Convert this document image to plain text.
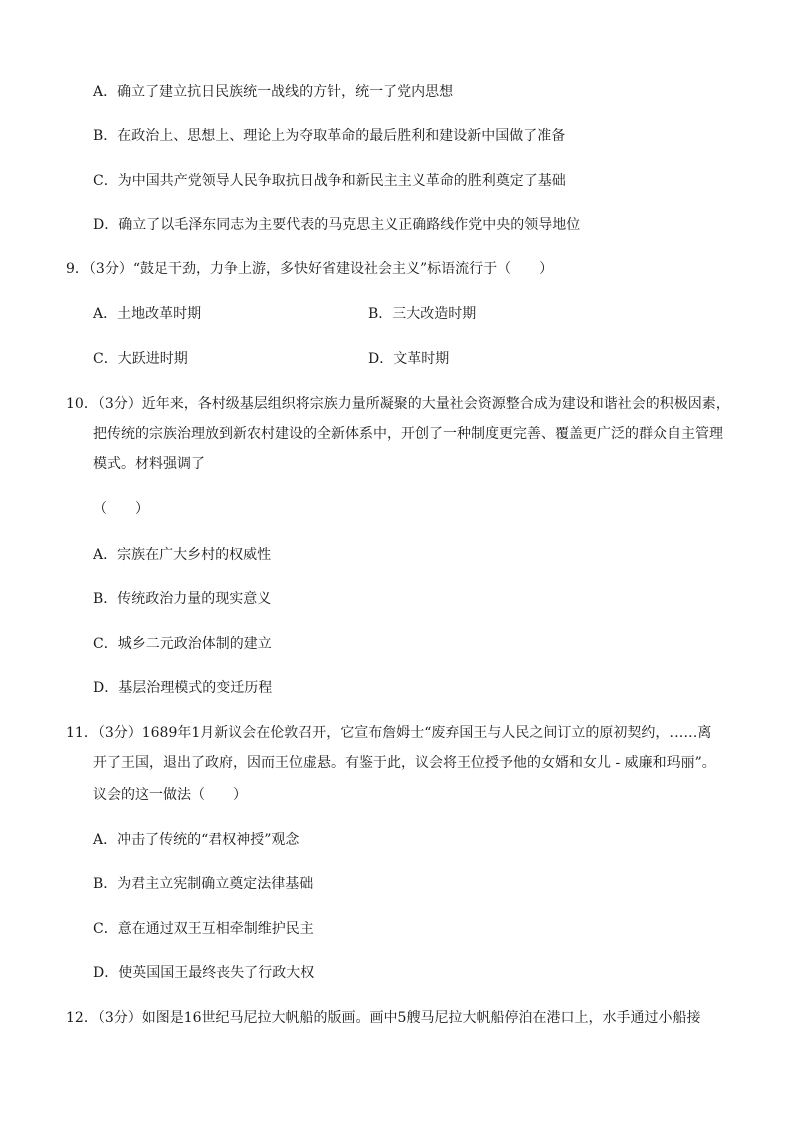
A．确立了建立抗日民族统一战线的方针，统一了党内思想
B．在政治上、思想上、理论上为夺取革命的最后胜利和建设新中国做了准备
C．为中国共产党领导人民争取抗日战争和新民主主义革命的胜利奠定了基础
D．确立了以毛泽东同志为主要代表的马克思主义正确路线作党中央的领导地位
9．（3分）“鼓足干劲，力争上游，多快好省建设社会主义”标语流行于（　　）
A．土地改革时期	B．三大改造时期
C．大跃进时期	D．文革时期
10．（3分）近年来，各村级基层组织将宗族力量所凝聚的大量社会资源整合成为建设和谐社会的积极因素，
把传统的宗族治理放到新农村建设的全新体系中，开创了一种制度更完善、覆盖更广泛的群众自主管理
模式。材料强调了
（　　）
A．宗族在广大乡村的权威性
B．传统政治力量的现实意义
C．城乡二元政治体制的建立
D．基层治理模式的变迁历程
11．（3分）1689年1月新议会在伦敦召开，它宣布詹姆士“废弃国王与人民之间订立的原初契约，……离
开了王国，退出了政府，因而王位虚悬。有鉴于此，议会将王位授予他的女婿和女儿 - 威廉和玛丽”。
议会的这一做法（　　）
A．冲击了传统的“君权神授”观念
B．为君主立宪制确立奠定法律基础
C．意在通过双王互相牵制维护民主
D．使英国国王最终丧失了行政大权
12．（3分）如图是16世纪马尼拉大帆船的版画。画中5艘马尼拉大帆船停泊在港口上，水手通过小船接
